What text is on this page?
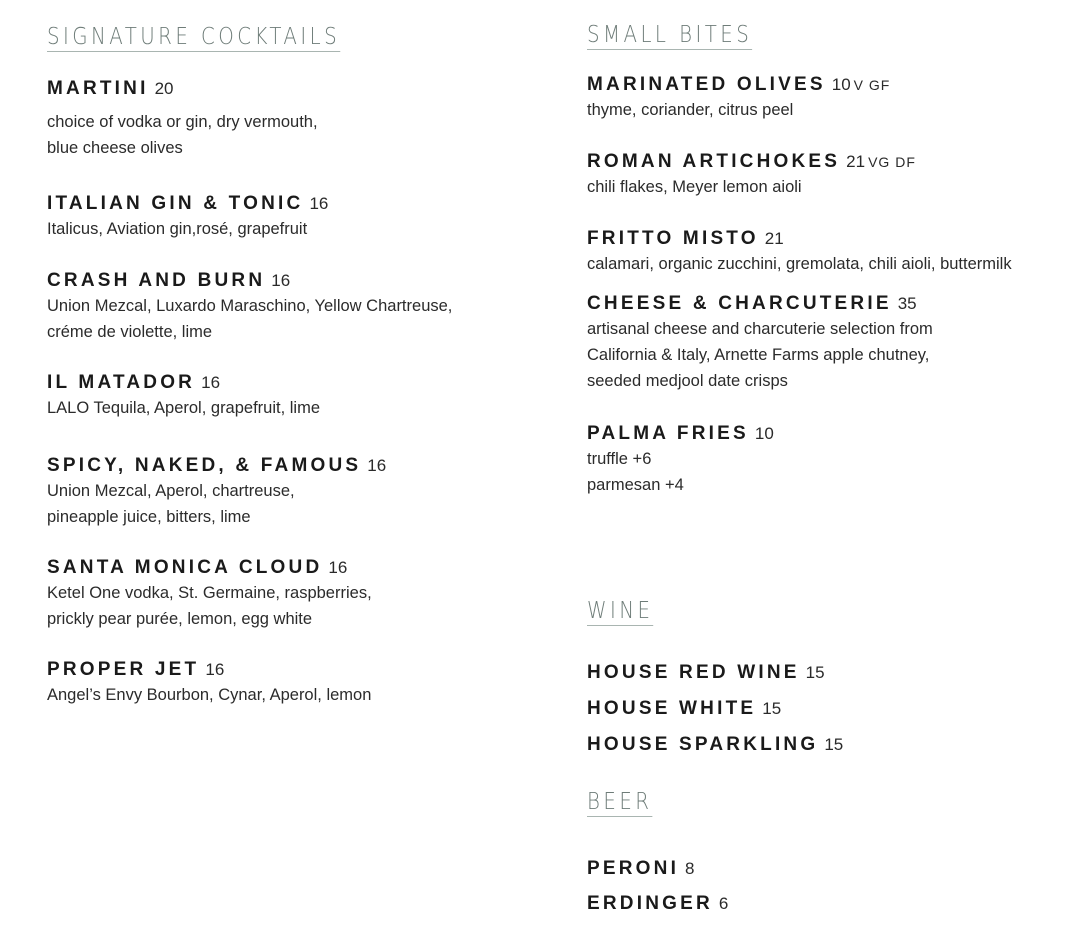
SIGNATURE COCKTAILS
MARTINI 20
choice of vodka or gin, dry vermouth,
blue cheese olives
ITALIAN GIN & TONIC 16
Italicus, Aviation gin,rosé, grapefruit
CRASH AND BURN 16
Union Mezcal, Luxardo Maraschino, Yellow Chartreuse,
créme de violette, lime
IL MATADOR 16
LALO Tequila, Aperol, grapefruit, lime
SPICY, NAKED, & FAMOUS 16
Union Mezcal, Aperol, chartreuse,
pineapple juice, bitters, lime
SANTA MONICA CLOUD 16
Ketel One vodka, St. Germaine, raspberries,
prickly pear purée, lemon, egg white
PROPER JET 16
Angel’s Envy Bourbon, Cynar, Aperol, lemon
SMALL BITES
MARINATED OLIVES 10 V GF
thyme, coriander, citrus peel
ROMAN ARTICHOKES 21 VG DF
chili flakes, Meyer lemon aioli
FRITTO MISTO 21
calamari, organic zucchini, gremolata, chili aioli, buttermilk
CHEESE & CHARCUTERIE 35
artisanal cheese and charcuterie selection from
California & Italy, Arnette Farms apple chutney,
seeded medjool date crisps
PALMA FRIES 10
truffle +6
parmesan +4
WINE
HOUSE RED WINE 15
HOUSE WHITE 15
HOUSE SPARKLING 15
BEER
PERONI 8
ERDINGER 6
